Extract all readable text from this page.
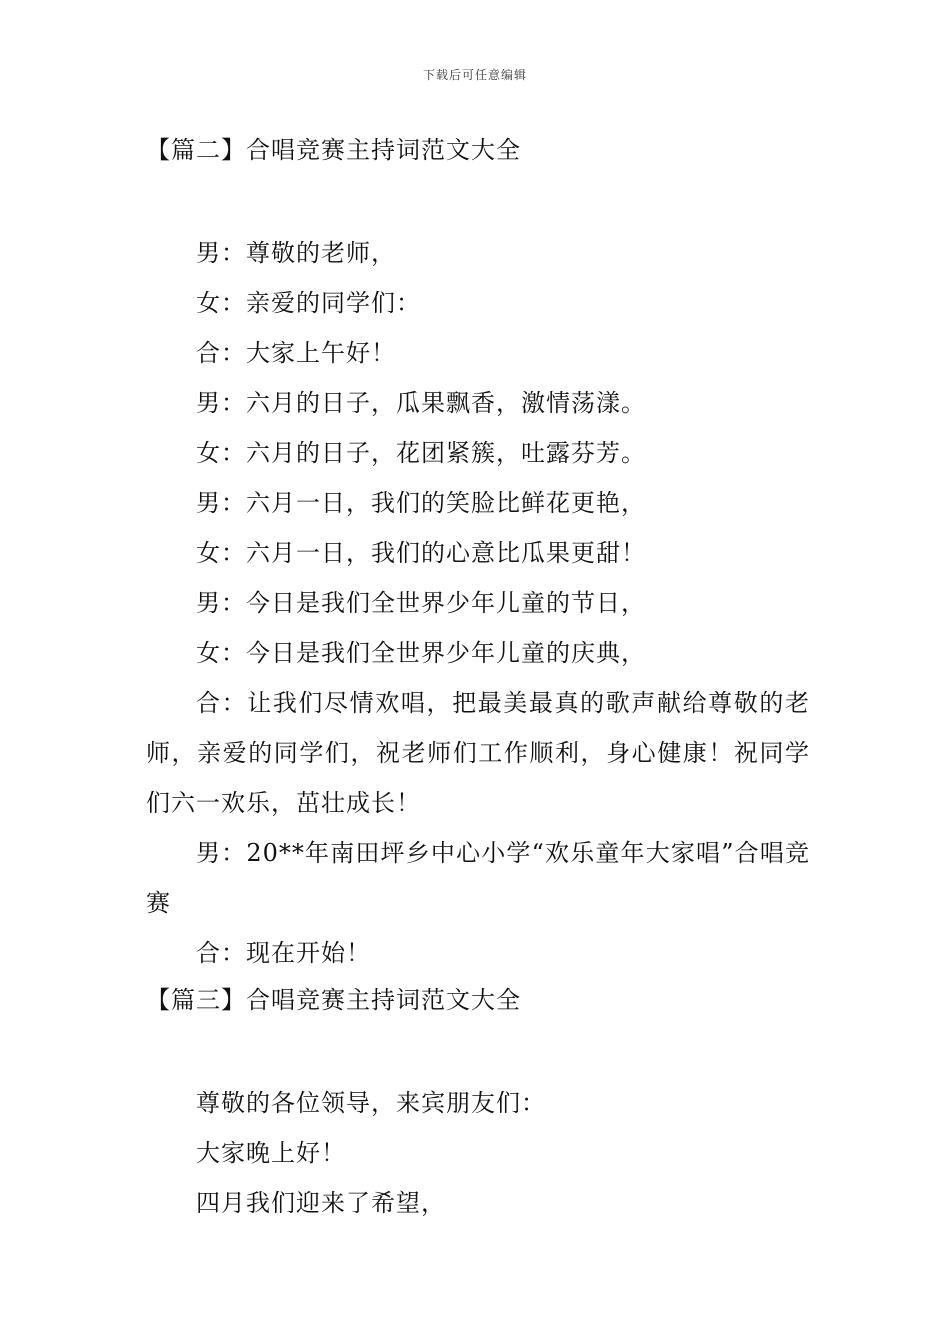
下载后可任意编辑
【篇二】合唱竞赛主持词范文大全

男：尊敬的老师，

女：亲爱的同学们：

合：大家上午好！

男：六月的日子，瓜果飘香，激情荡漾。

女：六月的日子，花团紧簇，吐露芬芳。

男：六月一日，我们的笑脸比鲜花更艳，

女：六月一日，我们的心意比瓜果更甜！

男：今日是我们全世界少年儿童的节日，

女：今日是我们全世界少年儿童的庆典，

合：让我们尽情欢唱，把最美最真的歌声献给尊敬的老师，亲爱的同学们，祝老师们工作顺利，身心健康！祝同学们六一欢乐，茁壮成长！

男：20**年南田坪乡中心小学“欢乐童年大家唱”合唱竞赛

合：现在开始！

【篇三】合唱竞赛主持词范文大全

尊敬的各位领导，来宾朋友们：

大家晚上好！

四月我们迎来了希望，
